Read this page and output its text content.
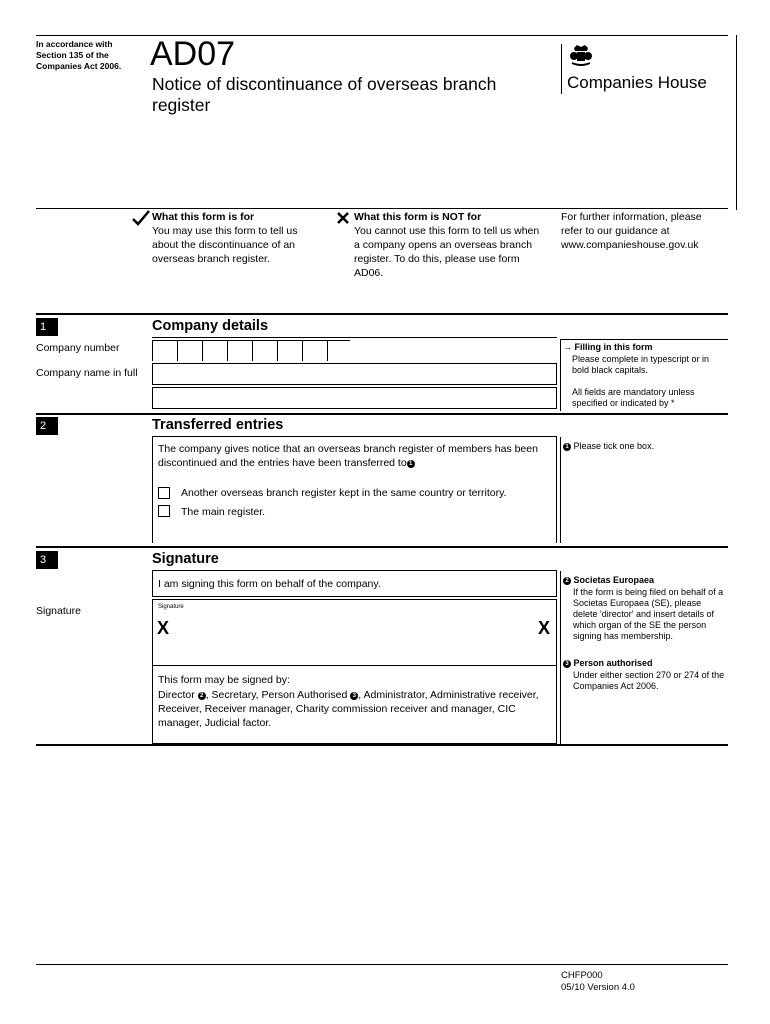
In accordance with Section 135 of the Companies Act 2006. AD07
Notice of discontinuance of overseas branch register
Companies House
What this form is for
You may use this form to tell us about the discontinuance of an overseas branch register.
What this form is NOT for
You cannot use this form to tell us when a company opens an overseas branch register. To do this, please use form AD06.
For further information, please refer to our guidance at www.companieshouse.gov.uk
1	Company details
Company number
Company name in full
→ Filling in this form
Please complete in typescript or in bold black capitals.
All fields are mandatory unless specified or indicated by *
2	Transferred entries
The company gives notice that an overseas branch register of members has been discontinued and the entries have been transferred to 1
Another overseas branch register kept in the same country or territory.
The main register.
1 Please tick one box.
3	Signature
I am signing this form on behalf of the company.
Signature	Signature
X	X
This form may be signed by:
Director 2 , Secretary, Person Authorised 3 , Administrator, Administrative receiver, Receiver, Receiver manager, Charity commission receiver and manager, CIC manager, Judicial factor.
2 Societas Europaea
If the form is being filed on behalf of a Societas Europaea (SE), please delete 'director' and insert details of which organ of the SE the person signing has membership.
3 Person authorised
Under either section 270 or 274 of the Companies Act 2006.
CHFP000
05/10 Version 4.0
